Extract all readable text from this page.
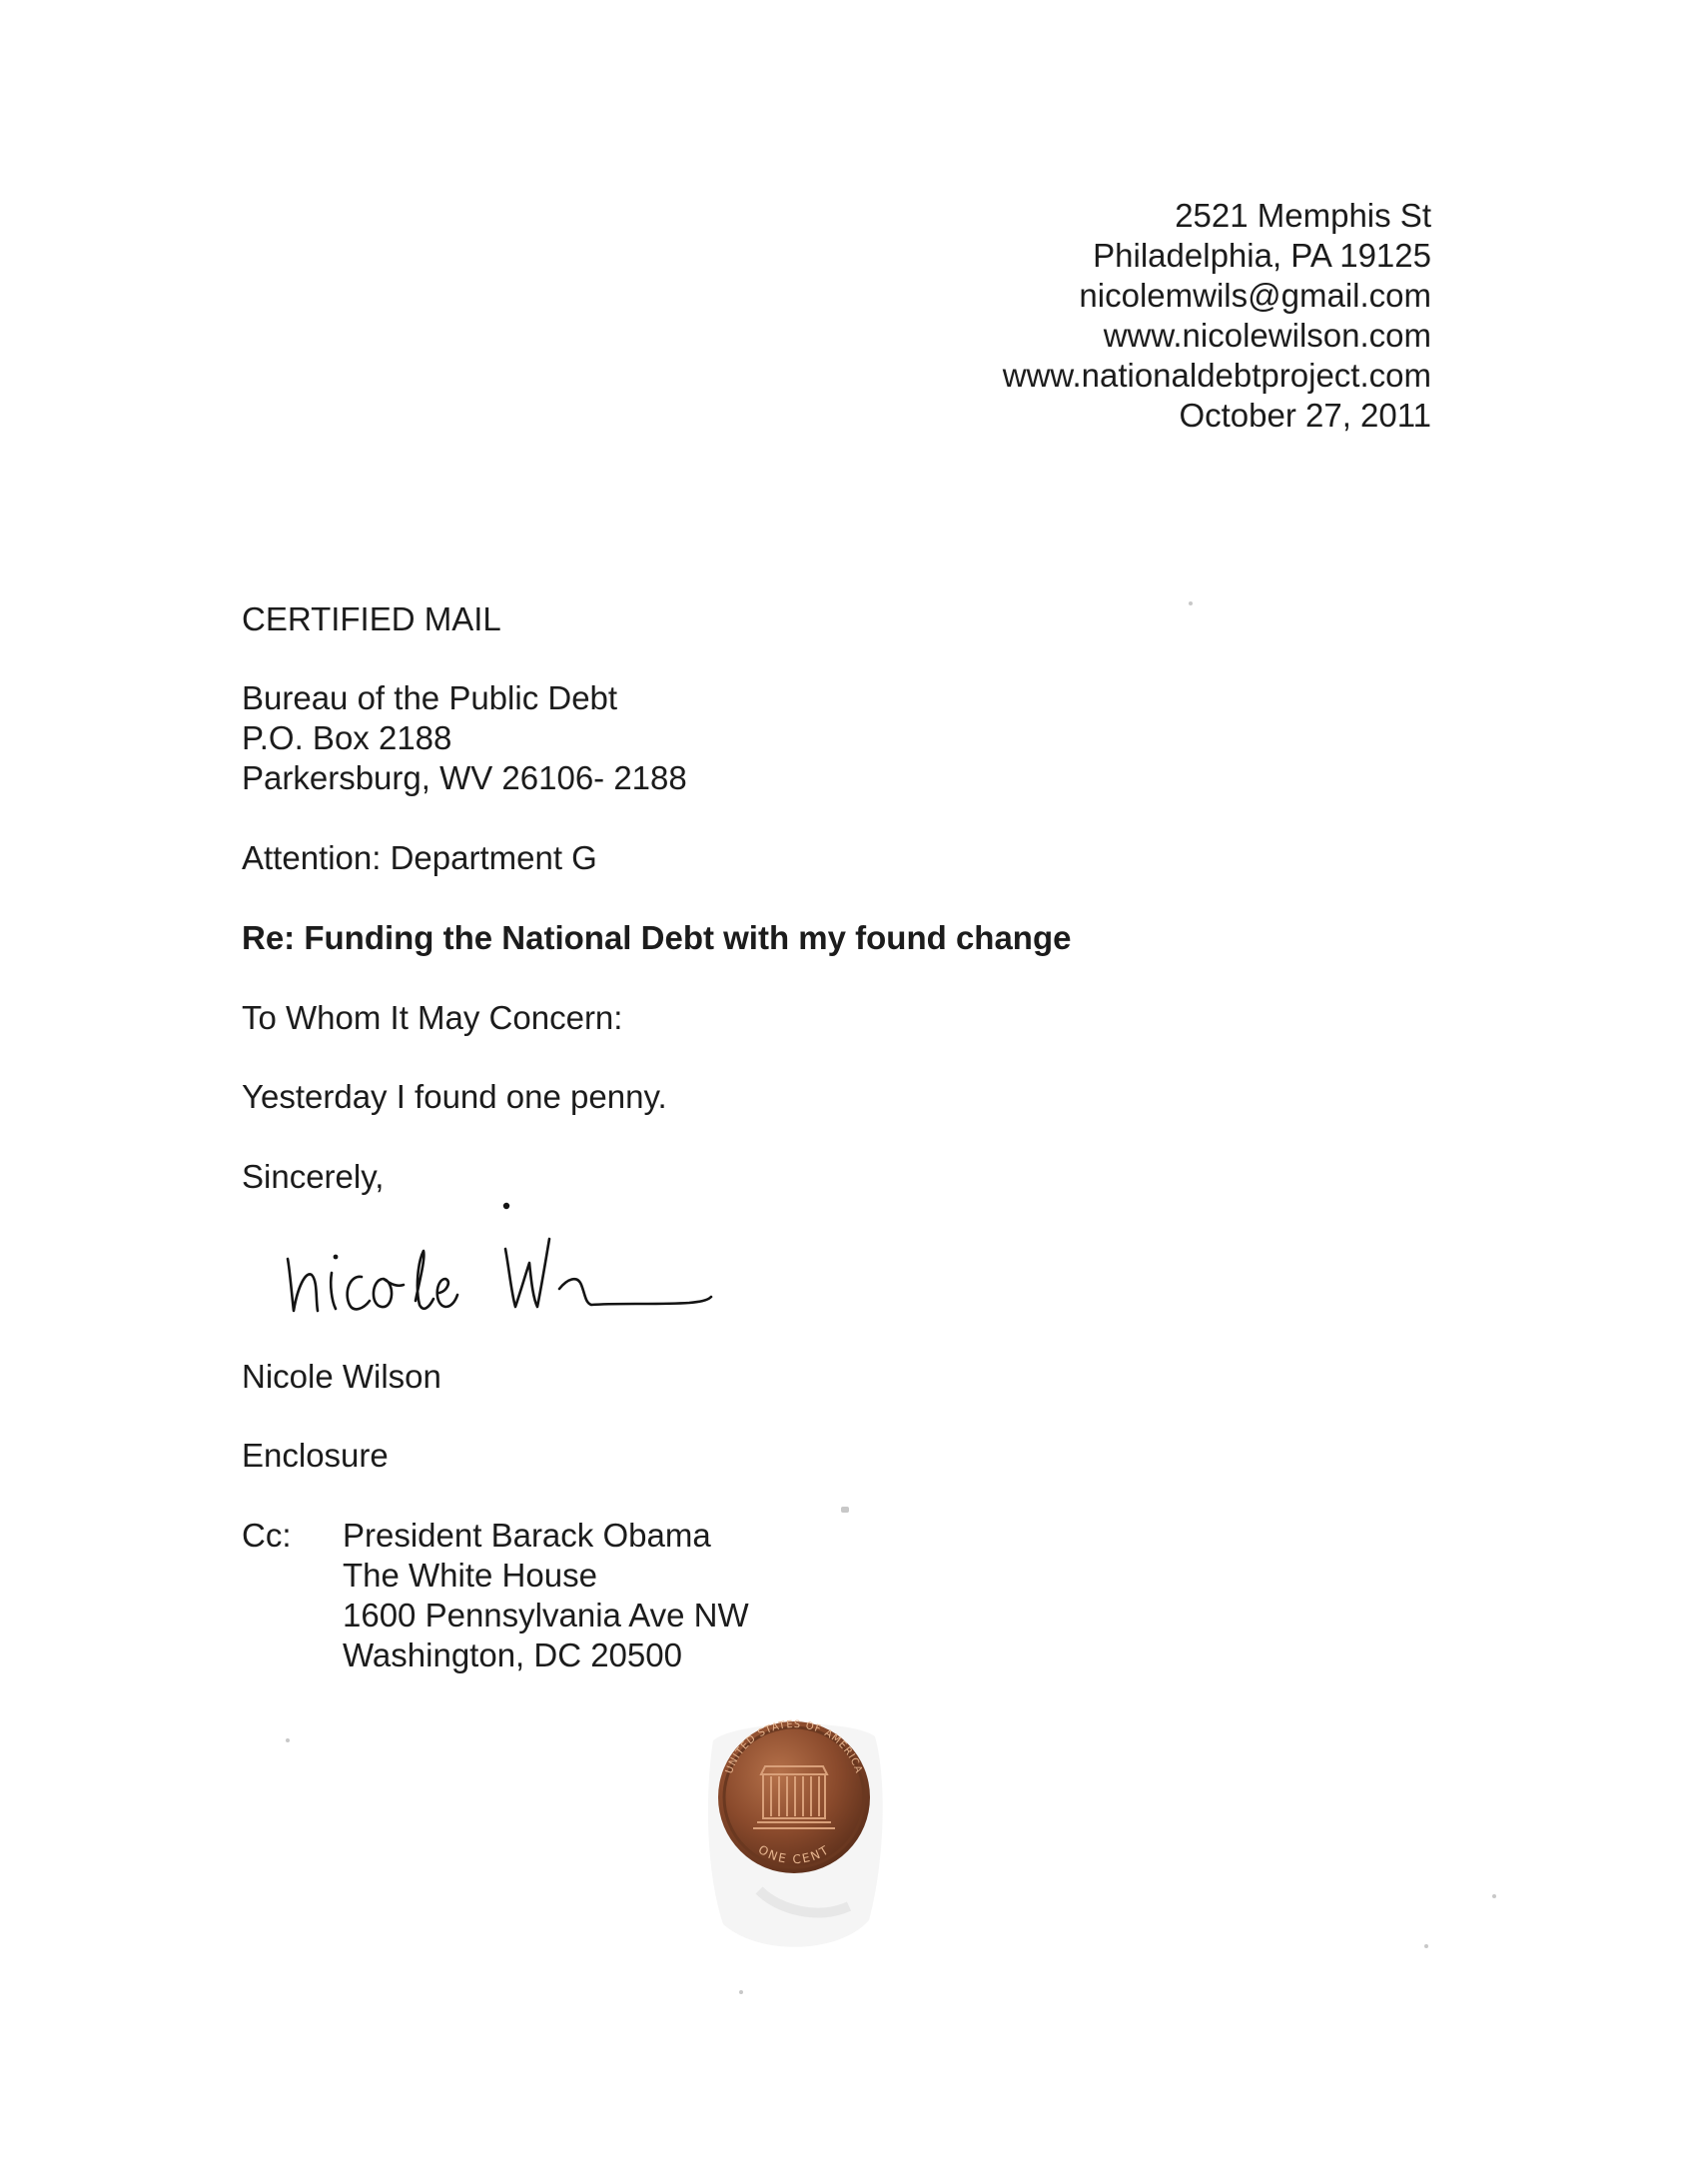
2521 Memphis St
Philadelphia, PA 19125
nicolemwils@gmail.com
www.nicolewilson.com
www.nationaldebtproject.com
October 27, 2011
CERTIFIED MAIL
Bureau of the Public Debt
P.O. Box 2188
Parkersburg, WV 26106- 2188
Attention: Department G
Re: Funding the National Debt with my found change
To Whom It May Concern:
Yesterday I found one penny.
Sincerely,
Nicole Wilson
Enclosure
Cc: President Barack Obama
The White House
1600 Pennsylvania Ave NW
Washington, DC 20500
UNITED STATES OF AMERICA
ONE CENT
